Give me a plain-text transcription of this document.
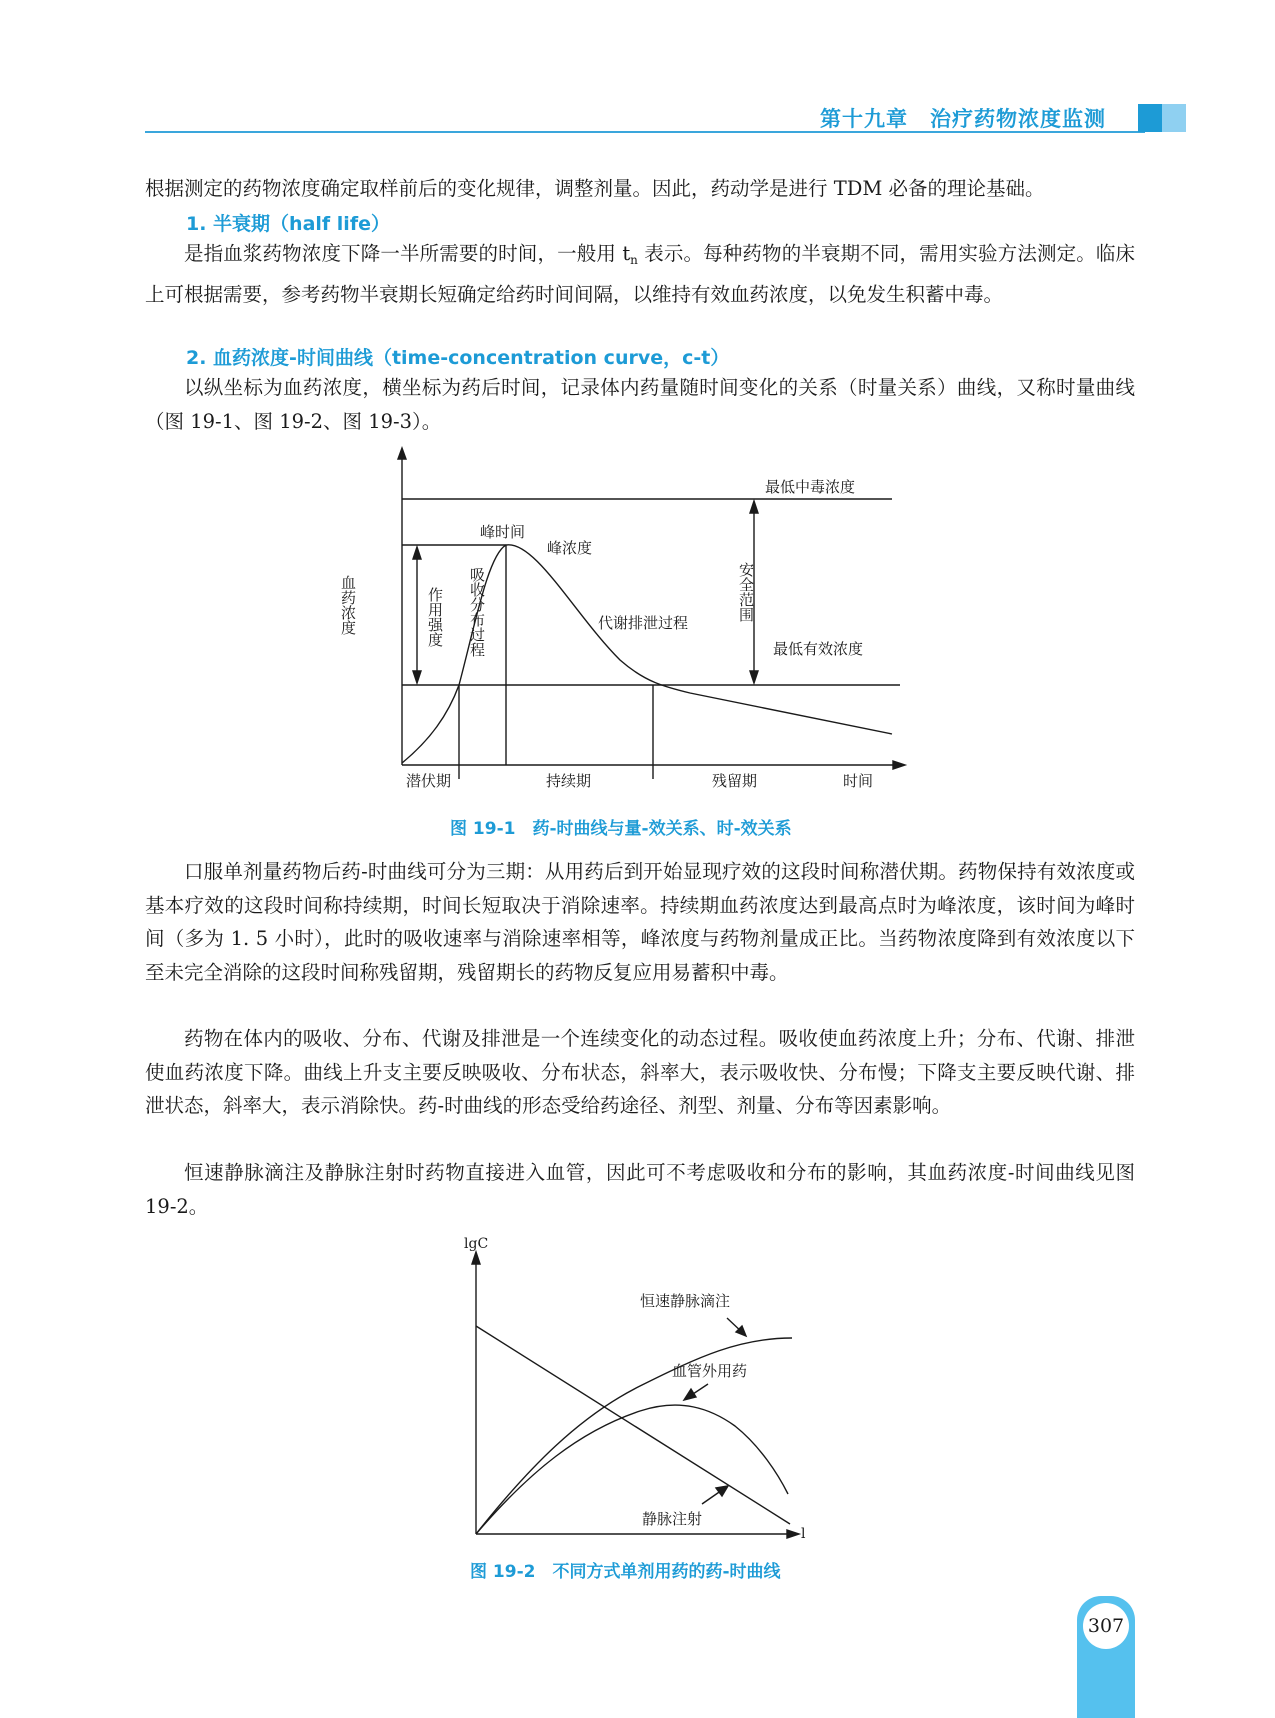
第十九章　治疗药物浓度监测

根据测定的药物浓度确定取样前后的变化规律，调整剂量。因此，药动学是进行 TDM 必备的理论基础。

1. 半衰期（half life）

是指血浆药物浓度下降一半所需要的时间，一般用 $t_n$ 表示。每种药物的半衰期不同，需用实验方法测定。临床上可根据需要，参考药物半衰期长短确定给药时间间隔，以维持有效血药浓度，以免发生积蓄中毒。

2. 血药浓度-时间曲线（time-concentration curve，c-t）

以纵坐标为血药浓度，横坐标为药后时间，记录体内药量随时间变化的关系（时量关系）曲线，又称时量曲线（图 19-1、图 19-2、图 19-3）。

最低中毒浓度
峰时间
峰浓度
代谢排泄过程
最低有效浓度
血药浓度	作用强度 吸收分布过程	安全范围
潜伏期	持续期	残留期	时间
图 19-1　药-时曲线与量-效关系、时-效关系

口服单剂量药物后药-时曲线可分为三期：从用药后到开始显现疗效的这段时间称潜伏期。药物保持有效浓度或基本疗效的这段时间称持续期，时间长短取决于消除速率。持续期血药浓度达到最高点时为峰浓度，该时间为峰时间（多为 1. 5 小时），此时的吸收速率与消除速率相等，峰浓度与药物剂量成正比。当药物浓度降到有效浓度以下至未完全消除的这段时间称残留期，残留期长的药物反复应用易蓄积中毒。

药物在体内的吸收、分布、代谢及排泄是一个连续变化的动态过程。吸收使血药浓度上升；分布、代谢、排泄使血药浓度下降。曲线上升支主要反映吸收、分布状态，斜率大，表示吸收快、分布慢；下降支主要反映代谢、排泄状态，斜率大，表示消除快。药-时曲线的形态受给药途径、剂型、剂量、分布等因素影响。

恒速静脉滴注及静脉注射时药物直接进入血管，因此可不考虑吸收和分布的影响，其血药浓度-时间曲线见图 19-2。

lgC
l
恒速静脉滴注
血管外用药
静脉注射
图 19-2　不同方式单剂用药的药-时曲线
307
